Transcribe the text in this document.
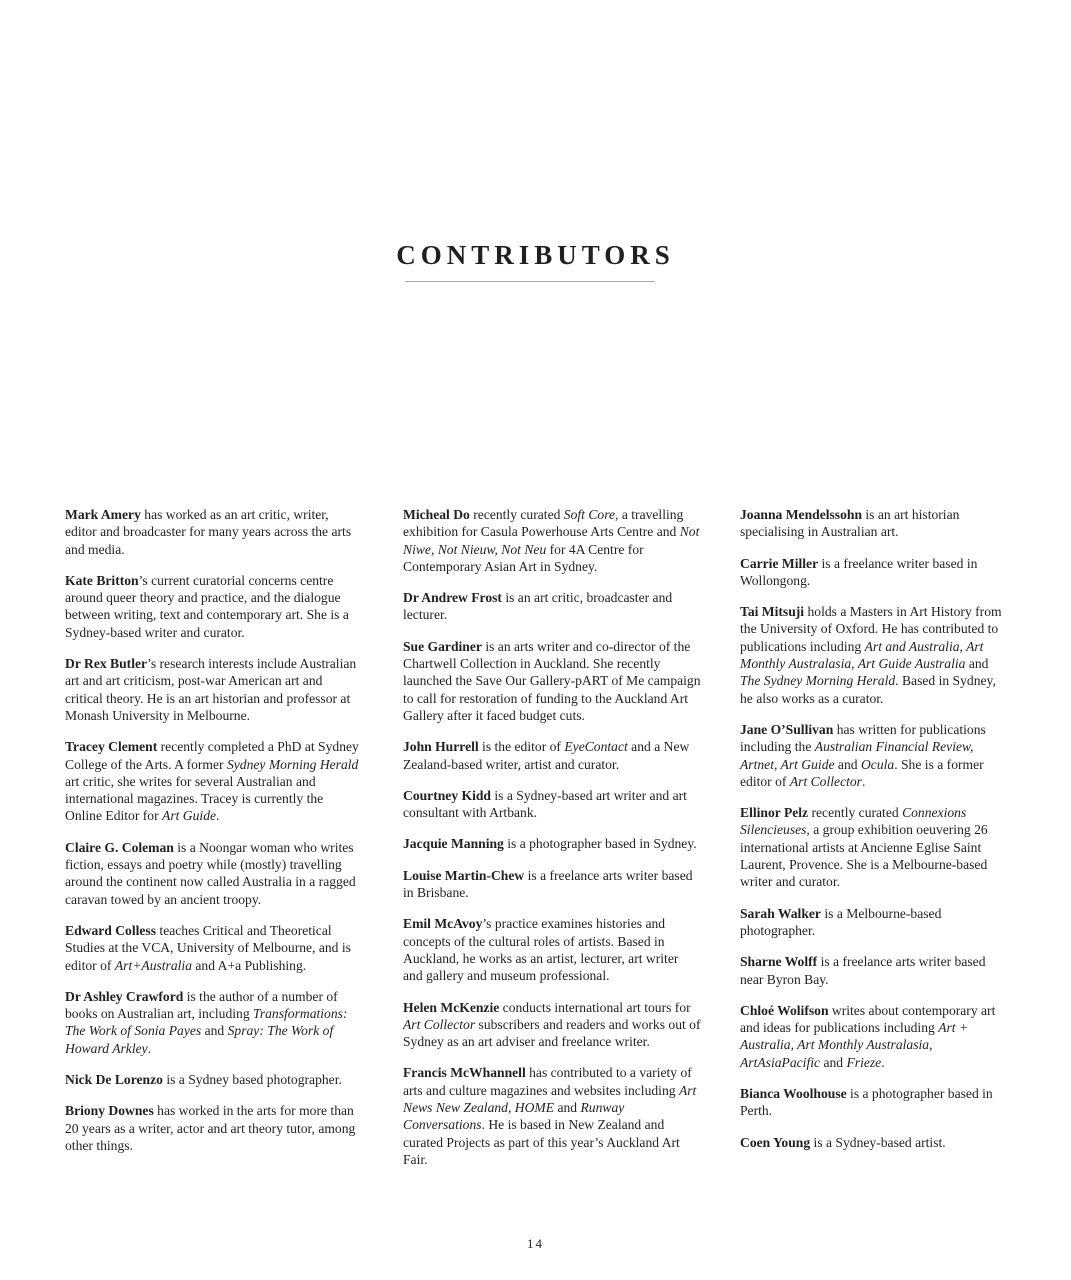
CONTRIBUTORS

Mark Amery has worked as an art critic, writer, editor and broadcaster for many years across the arts and media.

Kate Britton’s current curatorial concerns centre around queer theory and practice, and the dialogue between writing, text and contemporary art. She is a Sydney-based writer and curator.

Dr Rex Butler’s research interests include Australian art and art criticism, post-war American art and critical theory. He is an art historian and professor at Monash University in Melbourne.

Tracey Clement recently completed a PhD at Sydney College of the Arts. A former Sydney Morning Herald art critic, she writes for several Australian and international magazines. Tracey is currently the Online Editor for Art Guide.

Claire G. Coleman is a Noongar woman who writes fiction, essays and poetry while (mostly) travelling around the continent now called Australia in a ragged caravan towed by an ancient troopy.

Edward Colless teaches Critical and Theoretical Studies at the VCA, University of Melbourne, and is editor of Art+Australia and A+a Publishing.

Dr Ashley Crawford is the author of a number of books on Australian art, including Transformations: The Work of Sonia Payes and Spray: The Work of Howard Arkley.

Nick De Lorenzo is a Sydney based photographer.

Briony Downes has worked in the arts for more than 20 years as a writer, actor and art theory tutor, among other things.

Micheal Do recently curated Soft Core, a travelling exhibition for Casula Powerhouse Arts Centre and Not Niwe, Not Nieuw, Not Neu for 4A Centre for Contemporary Asian Art in Sydney.

Dr Andrew Frost is an art critic, broadcaster and lecturer.

Sue Gardiner is an arts writer and co-director of the Chartwell Collection in Auckland. She recently launched the Save Our Gallery-pART of Me campaign to call for restoration of funding to the Auckland Art Gallery after it faced budget cuts.

John Hurrell is the editor of EyeContact and a New Zealand-based writer, artist and curator.

Courtney Kidd is a Sydney-based art writer and art consultant with Artbank.

Jacquie Manning is a photographer based in Sydney.

Louise Martin-Chew is a freelance arts writer based in Brisbane.

Emil McAvoy’s practice examines histories and concepts of the cultural roles of artists. Based in Auckland, he works as an artist, lecturer, art writer and gallery and museum professional.

Helen McKenzie conducts international art tours for Art Collector subscribers and readers and works out of Sydney as an art adviser and freelance writer.

Francis McWhannell has contributed to a variety of arts and culture magazines and websites including Art News New Zealand, HOME and Runway Conversations. He is based in New Zealand and curated Projects as part of this year’s Auckland Art Fair.

Joanna Mendelssohn is an art historian specialising in Australian art.

Carrie Miller is a freelance writer based in Wollongong.

Tai Mitsuji holds a Masters in Art History from the University of Oxford. He has contributed to publications including Art and Australia, Art Monthly Australasia, Art Guide Australia and The Sydney Morning Herald. Based in Sydney, he also works as a curator.

Jane O’Sullivan has written for publications including the Australian Financial Review, Artnet, Art Guide and Ocula. She is a former editor of Art Collector.

Ellinor Pelz recently curated Connexions Silencieuses, a group exhibition oeuvering 26 international artists at Ancienne Eglise Saint Laurent, Provence. She is a Melbourne-based writer and curator.

Sarah Walker is a Melbourne-based photographer.

Sharne Wolff is a freelance arts writer based near Byron Bay.

Chloé Wolifson writes about contemporary art and ideas for publications including Art + Australia, Art Monthly Australasia, ArtAsiaPacific and Frieze.

Bianca Woolhouse is a photographer based in Perth.

Coen Young is a Sydney-based artist.

14
